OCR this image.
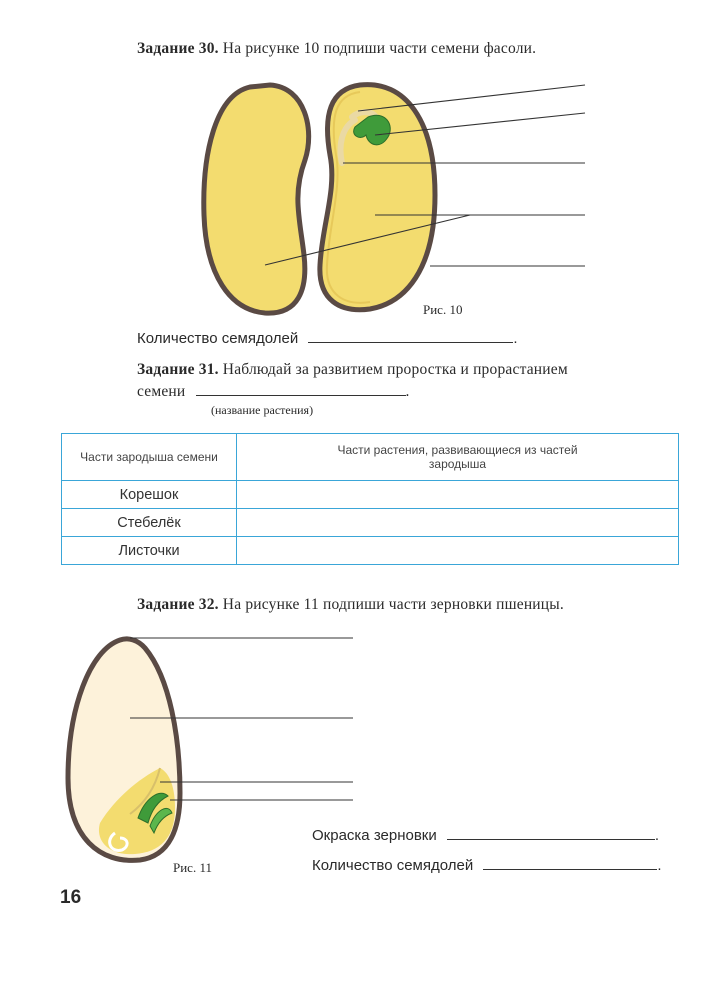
Задание 30. На рисунке 10 подпиши части семени фасоли.
Рис. 10
Количество семядолей	.
Задание 31. Наблюдай за развитием проростка и прорастанием
семени	.
(название растения)
Части зародыша семени	Части растения, развивающиеся из частей зародыша

Корешок	
Стебелёк	
Листочки	
Задание 32. На рисунке 11 подпиши части зерновки пшеницы.
Рис. 11
Окраска зерновки	.
Количество семядолей	.
16
